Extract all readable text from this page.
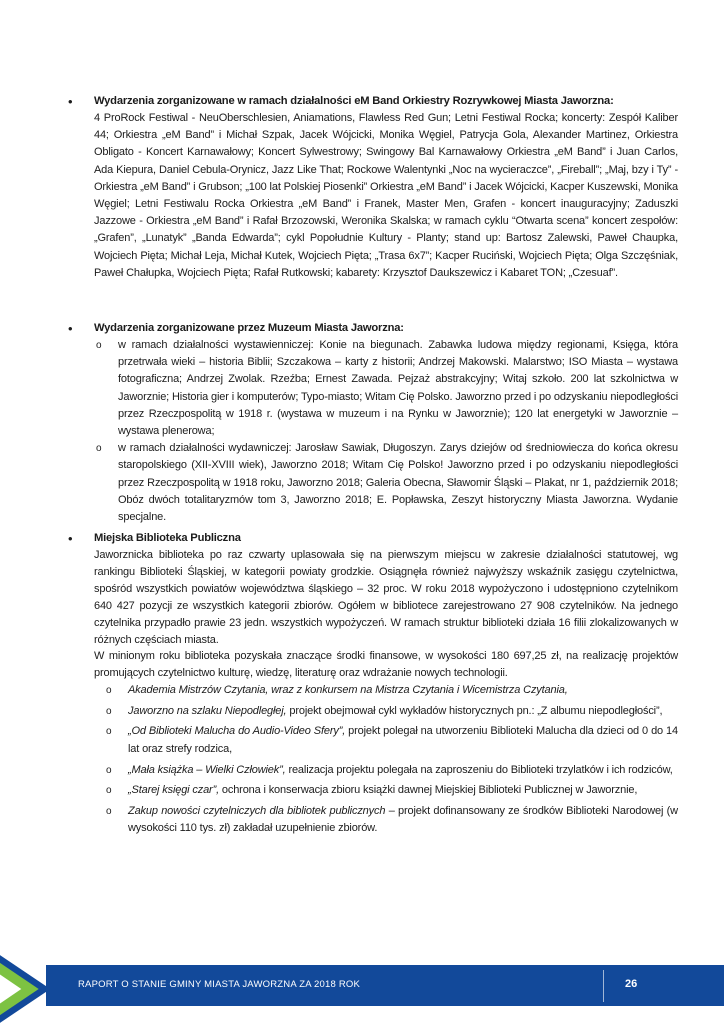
• Wydarzenia zorganizowane w ramach działalności eM Band Orkiestry Rozrywkowej Miasta Jaworzna:

4 ProRock Festiwal - NeuOberschlesien, Aniamations, Flawless Red Gun; Letni Festiwal Rocka; koncerty: Zespół Kaliber 44; Orkiestra „eM Band” i Michał Szpak, Jacek Wójcicki, Monika Węgiel, Patrycja Gola, Alexander Martinez, Orkiestra Obligato - Koncert Karnawałowy; Koncert Sylwestrowy; Swingowy Bal Karnawałowy Orkiestra „eM Band” i Juan Carlos, Ada Kiepura, Daniel Cebula-Orynicz, Jazz Like That; Rockowe Walentynki „Noc na wycieraczce”, „Fireball”; „Maj, bzy i Ty” - Orkiestra „eM Band” i Grubson; „100 lat Polskiej Piosenki” Orkiestra „eM Band” i Jacek Wójcicki, Kacper Kuszewski, Monika Węgiel; Letni Festiwalu Rocka Orkiestra „eM Band” i Franek, Master Men, Grafen - koncert inauguracyjny; Zaduszki Jazzowe - Orkiestra „eM Band” i Rafał Brzozowski, Weronika Skalska; w ramach cyklu “Otwarta scena” koncert zespołów: „Grafen”, „Lunatyk” „Banda Edwarda”; cykl Popołudnie Kultury - Planty; stand up: Bartosz Zalewski, Paweł Chaupka, Wojciech Pięta; Michał Leja, Michał Kutek, Wojciech Pięta; „Trasa 6x7”; Kacper Ruciński, Wojciech Pięta; Olga Szczęśniak, Paweł Chałupka, Wojciech Pięta; Rafał Rutkowski; kabarety: Krzysztof Daukszewicz i Kabaret TON; „Czesuaf”.

• Wydarzenia zorganizowane przez Muzeum Miasta Jaworzna:
o w ramach działalności wystawienniczej: Konie na biegunach. Zabawka ludowa między regionami, Księga, która przetrwała wieki – historia Biblii; Szczakowa – karty z historii; Andrzej Makowski. Malarstwo; ISO Miasta – wystawa fotograficzna; Andrzej Zwolak. Rzeźba; Ernest Zawada. Pejzaż abstrakcyjny; Witaj szkoło. 200 lat szkolnictwa w Jaworznie; Historia gier i komputerów; Typo-miasto; Witam Cię Polsko. Jaworzno przed i po odzyskaniu niepodległości przez Rzeczpospolitą w 1918 r. (wystawa w muzeum i na Rynku w Jaworznie); 120 lat energetyki w Jaworznie – wystawa plenerowa;

o w ramach działalności wydawniczej: Jarosław Sawiak, Długoszyn. Zarys dziejów od średniowiecza do końca okresu staropolskiego (XII-XVIII wiek), Jaworzno 2018; Witam Cię Polsko! Jaworzno przed i po odzyskaniu niepodległości przez Rzeczpospolitą w 1918 roku, Jaworzno 2018; Galeria Obecna, Sławomir Śląski – Plakat, nr 1, październik 2018; Obóz dwóch totalitaryzmów tom 3, Jaworzno 2018; E. Popławska, Zeszyt historyczny Miasta Jaworzna. Wydanie specjalne.

• Miejska Biblioteka Publiczna

Jaworznicka biblioteka po raz czwarty uplasowała się na pierwszym miejscu w zakresie działalności statutowej, wg rankingu Biblioteki Śląskiej, w kategorii powiaty grodzkie. Osiągnęła również najwyższy wskaźnik zasięgu czytelnictwa, spośród wszystkich powiatów województwa śląskiego – 32 proc. W roku 2018 wypożyczono i udostępniono czytelnikom 640 427 pozycji ze wszystkich kategorii zbiorów. Ogółem w bibliotece zarejestrowano 27 908 czytelników. Na jednego czytelnika przypadło prawie 23 jedn. wszystkich wypożyczeń. W ramach struktur biblioteki działa 16 filii zlokalizowanych w różnych częściach miasta.

W minionym roku biblioteka pozyskała znaczące środki finansowe, w wysokości 180 697,25 zł, na realizację projektów promujących czytelnictwo kulturę, wiedzę, literaturę oraz wdrażanie nowych technologii.

o Akademia Mistrzów Czytania, wraz z konkursem na Mistrza Czytania i Wicemistrza Czytania,

o Jaworzno na szlaku Niepodległej, projekt obejmował cykl wykładów historycznych pn.: „Z albumu niepodległości”,

o „Od Biblioteki Malucha do Audio-Video Sfery”, projekt polegał na utworzeniu Biblioteki Malucha dla dzieci od 0 do 14 lat oraz strefy rodzica,

o „Mała książka – Wielki Człowiek”, realizacja projektu polegała na zaproszeniu do Biblioteki trzylatków i ich rodziców,

o „Starej księgi czar”, ochrona i konserwacja zbioru książki dawnej Miejskiej Biblioteki Publicznej w Jaworznie,

o Zakup nowości czytelniczych dla bibliotek publicznych – projekt dofinansowany ze środków Biblioteki Narodowej (w wysokości 110 tys. zł) zakładał uzupełnienie zbiorów.

RAPORT O STANIE GMINY MIASTA JAWORZNA ZA 2018 ROK	26
